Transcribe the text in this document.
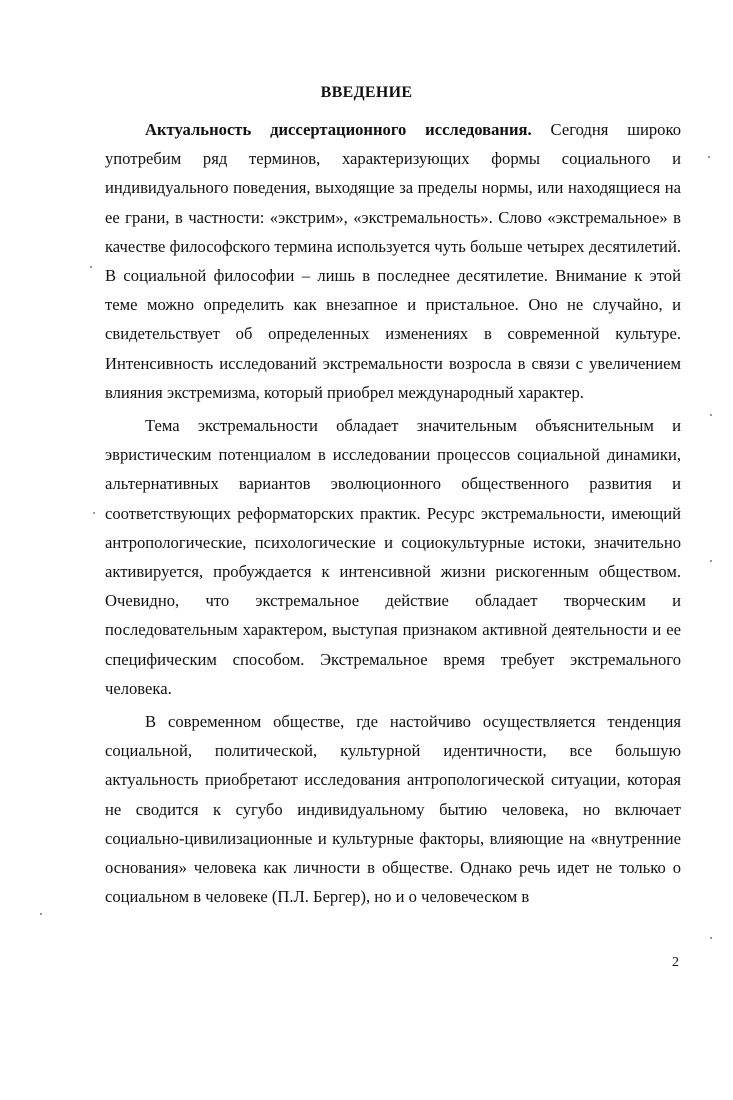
ВВЕДЕНИЕ

Актуальность диссертационного исследования. Сегодня широко употребим ряд терминов, характеризующих формы социального и индивидуального поведения, выходящие за пределы нормы, или находящиеся на ее грани, в частности: «экстрим», «экстремальность». Слово «экстремальное» в качестве философского термина используется чуть больше четырех десятилетий. В социальной философии – лишь в последнее десятилетие. Внимание к этой теме можно определить как внезапное и пристальное. Оно не случайно, и свидетельствует об определенных изменениях в современной культуре. Интенсивность исследований экстремальности возросла в связи с увеличением влияния экстремизма, который приобрел международный характер.

Тема экстремальности обладает значительным объяснительным и эвристическим потенциалом в исследовании процессов социальной динамики, альтернативных вариантов эволюционного общественного развития и соответствующих реформаторских практик. Ресурс экстремальности, имеющий антропологические, психологические и социокультурные истоки, значительно активируется, пробуждается к интенсивной жизни рискогенным обществом. Очевидно, что экстремальное действие обладает творческим и последовательным характером, выступая признаком активной деятельности и ее специфическим способом. Экстремальное время требует экстремального человека.

В современном обществе, где настойчиво осуществляется тенденция социальной, политической, культурной идентичности, все большую актуальность приобретают исследования антропологической ситуации, которая не сводится к сугубо индивидуальному бытию человека, но включает социально-цивилизационные и культурные факторы, влияющие на «внутренние основания» человека как личности в обществе. Однако речь идет не только о социальном в человеке (П.Л. Бергер), но и о человеческом в

2
